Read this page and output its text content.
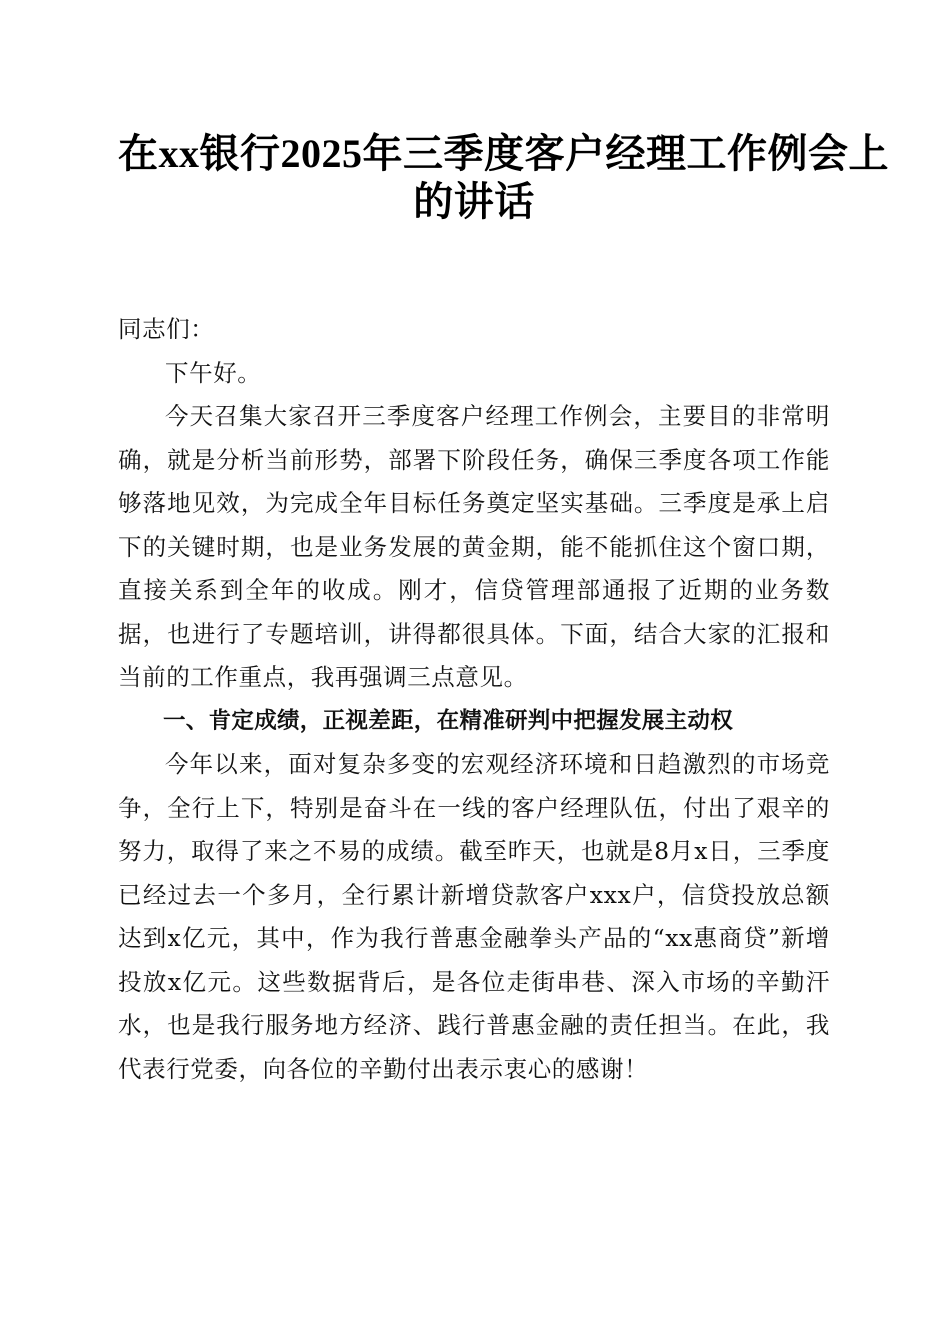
在xx银行2025年三季度客户经理工作例会上
的讲话

同志们：

下午好。

今天召集大家召开三季度客户经理工作例会，主要目的非常明确，就是分析当前形势，部署下阶段任务，确保三季度各项工作能够落地见效，为完成全年目标任务奠定坚实基础。三季度是承上启下的关键时期，也是业务发展的黄金期，能不能抓住这个窗口期，直接关系到全年的收成。刚才，信贷管理部通报了近期的业务数据，也进行了专题培训，讲得都很具体。下面，结合大家的汇报和当前的工作重点，我再强调三点意见。

一、肯定成绩，正视差距，在精准研判中把握发展主动权

今年以来，面对复杂多变的宏观经济环境和日趋激烈的市场竞争，全行上下，特别是奋斗在一线的客户经理队伍，付出了艰辛的努力，取得了来之不易的成绩。截至昨天，也就是8月x日，三季度已经过去一个多月，全行累计新增贷款客户xxx户，信贷投放总额达到x亿元，其中，作为我行普惠金融拳头产品的“xx惠商贷”新增投放x亿元。这些数据背后，是各位走街串巷、深入市场的辛勤汗水，也是我行服务地方经济、践行普惠金融的责任担当。在此，我代表行党委，向各位的辛勤付出表示衷心的感谢！
